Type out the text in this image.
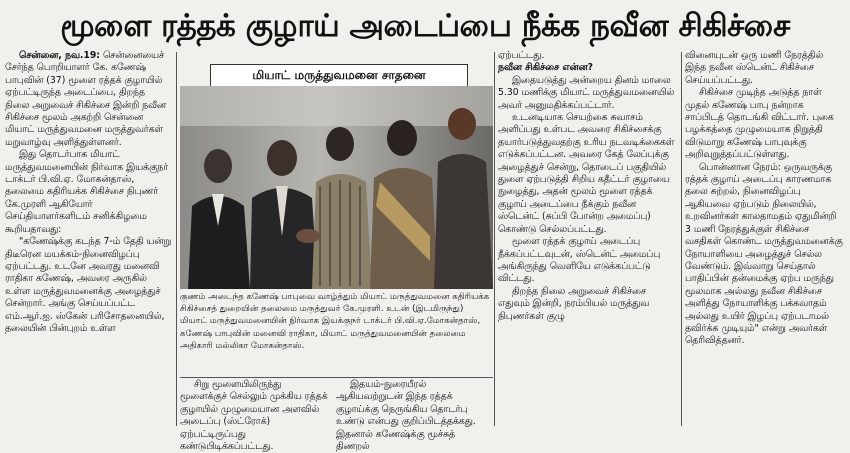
மூளை ரத்தக் குழாய் அடைப்பை நீக்க நவீன சிகிச்சை

சென்னை, நவ.19: சென்னையைச் சேர்ந்த பொறியாளர் கே. கணேஷ் பாபுவின் (37) மூளை ரத்தக் குழாயில் ஏற்பட்டிருந்த அடைப்பை, திறந்த நிலை அறுவைச் சிகிச்சை இன்றி நவீன சிகிச்சை மூலம் அகற்றி சென்னை மியாட் மருத்துவமனை மருத்துவர்கள் மறுவாழ்வு அளித்துள்ளனர்.

இது தொடர்பாக மியாட் மருத்துவமனையின் நிர்வாக இயக்குநர் டாக்டர் பி.வி.ஏ. மோகன்தாஸ், தலைமை கதிரியக்க சிகிச்சை நிபுணர் கே.முரளி ஆகியோர் செய்தியாளர்களிடம் சனிக்கிழமை கூறியதாவது:

"கணேஷ்க்கு கடந்த 7-ம் தேதி யன்று திடீரென மயக்கம்-நினைவிழப்பு ஏற்பட்டது. உடனே அவரது மனைவி ராதிகா கணேஷ், அவரை அருகில் உள்ள மருத்துவமனைக்கு அழைத்துச் சென்றார். அங்கு செய்யப்பட்ட எம்.ஆர்.ஐ. ஸ்கேன் பரிசோதனையில், தலையின் பின்புறம் உள்ள

மியாட் மருத்துவமனை சாதனை
குணம் அடைந்த கணேஷ் பாபுவை வாழ்த்தும் மியாட் மருத்துவமனை கதிரியக்க சிகிச்சைத் துறையின் தலைமை மருத்துவர் கே.முரளி. உடன் (இடமிருந்து) மியாட் மருத்துவமனையின் நிர்வாக இயக்குநர் டாக்டர் பி.வி.ஏ.மோகன்தாஸ், கணேஷ் பாபுவின் மனைவி ராதிகா, மியாட் மருத்துவமனையின் தலைமை அதிகாரி மல்லிகா மோகன்தாஸ்.

சிறு மூளையிலிருந்து மூளைக்குச் செல்லும் முக்கிய ரத்தக் குழாயில் முழுமையான அளவில் அடைப்பு (ஸ்ட்ரோக்) ஏற்பட்டிருப்பது கண்டுபிடிக்கப்பட்டது.

இதயம்-நுரையீரல் ஆகியவற்றுடன் இந்த ரத்தக் குழாய்க்கு நெருங்கிய தொடர்பு உண்டு என்பது குறிப்பிடத்தக்கது. இதனால் கணேஷ்க்கு மூச்சுத் திணறல்

ஏற்பட்டது.

நவீன சிகிச்சை என்ன?

இதையடுத்து அன்றைய தினம் மாலை 5.30 மணிக்கு மியாட் மருத்துவமனையில் அவர் அனுமதிக்கப்பட்டார்.

உடனடியாக செயற்கை சுவாசம் அளிப்பது உள்பட அவரை சிகிச்சைக்கு தயார்படுத்துவதற்கு உரிய நடவடிக்கைகள் எடுக்கப்பட்டன. அவரை கேத் லேப்புக்கு அழைத்துச் சென்று, தொடைப் பகுதியில் துளை ஏற்படுத்தி சிறிய கதீட்டர் குழாயை நுழைத்து, அதன் மூலம் மூளை ரத்தக் குழாய் அடைப்பை நீக்கும் நவீன ஸ்டென்ட் (சுப்பி போன்ற அமைப்பு) கொண்டு செல்லப்பட்டது.

மூளை ரத்தக் குழாய் அடைப்பு நீக்கப்பட்டவுடன், ஸ்டென்ட் அமைப்பு அங்கிருந்து வெளியே எடுக்கப்பட்டு விட்டது.

திறந்த நிலை அறுவைச் சிகிச்சை எதுவும் இன்றி, நரம்பியல் மருத்துவ நிபுணர்கள் குழு

வினையுடன் ஒரு மணி நேரத்தில் இந்த நவீன ஸ்டென்ட் சிகிச்சை செய்யப்பட்டது.

சிகிச்சை முடிந்த அடுத்த நாள் முதல் கணேஷ் பாபு நன்றாக சாப்பிடத் தொடங்கி விட்டார். புகை பழக்கத்தை முழுமையாக நிறுத்தி விடுமாறு கணேஷ் பாபுவுக்கு அறிவுறுத்தப்பட்டுள்ளது.

பொன்னான நேரம்: ஒருவருக்கு ரத்தக் குழாய் அடைப்பு காரணமாக தலை சுற்றல், நினைவிழப்பு ஆகியவை ஏற்படும் நிலையில், உறவினர்கள் காலதாமதம் ஏதுமின்றி 3 மணி நேரத்துக்குள் சிகிச்சை வசதிகள் கொண்ட மருத்துவமனைக்கு நோயாளியை அழைத்துச் செல்ல வேண்டும். இவ்வாறு செய்தால் பாதிப்பின் தன்மைக்கு ஏற்ப மருந்து மூலமாக அல்லது நவீன சிகிச்சை அளித்து நோயாளிக்கு பக்கவாதம் அல்லது உயிர் இழப்பு ஏற்படாமல் தவிர்க்க முடியும்" என்று அவர்கள் தெரிவித்தனர்.
